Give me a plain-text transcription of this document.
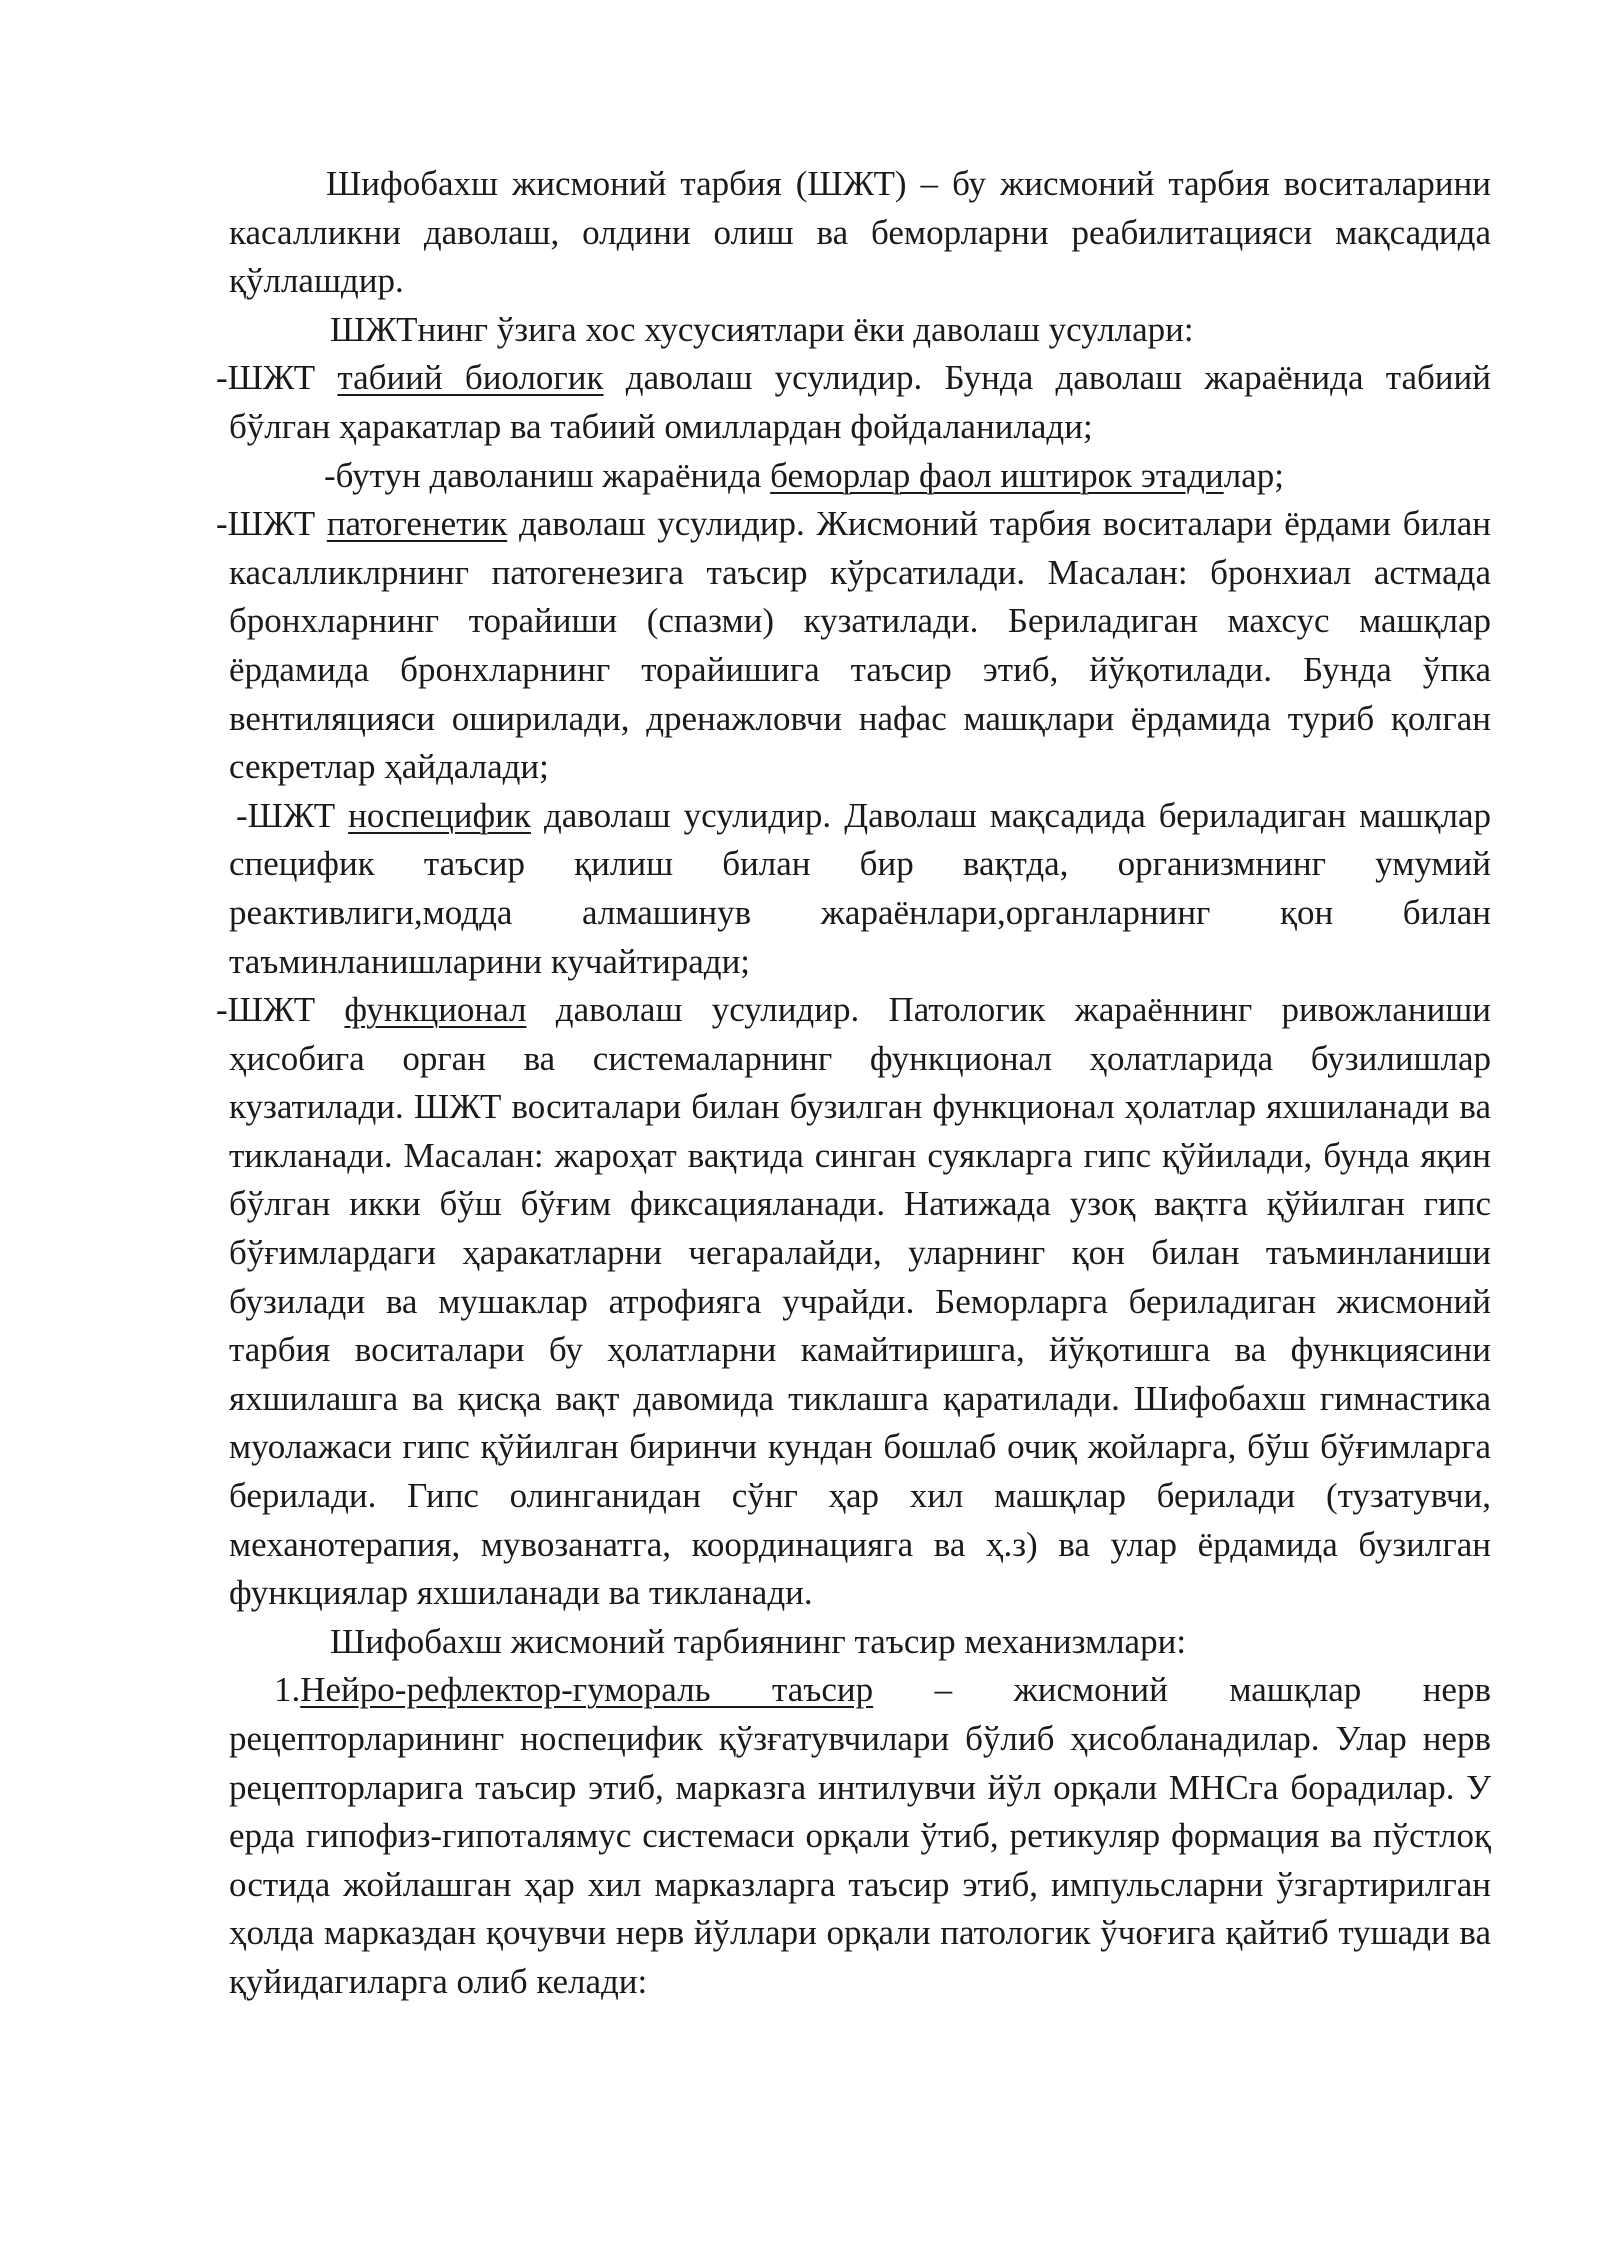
Шифобахш жисмоний тарбия (ШЖТ) – бу жисмоний тарбия воситаларини касалликни даволаш, олдини олиш ва беморларни реабилитацияси мақсадида қўллашдир.

ШЖТнинг ўзига хос хусусиятлари ёки даволаш усуллари:

-ШЖТ табиий биологик даволаш усулидир. Бунда даволаш жараёнида табиий бўлган ҳаракатлар ва табиий омиллардан фойдаланилади;

-бутун даволаниш жараёнида беморлар фаол иштирок этадилар;

-ШЖТ патогенетик даволаш усулидир. Жисмоний тарбия воситалари ёрдами билан касалликлрнинг патогенезига таъсир кўрсатилади. Масалан: бронхиал астмада бронхларнинг торайиши (спазми) кузатилади. Бериладиган махсус машқлар ёрдамида бронхларнинг торайишига таъсир этиб, йўқотилади. Бунда ўпка вентиляцияси оширилади, дренажловчи нафас машқлари ёрдамида туриб қолган секретлар ҳайдалади;

-ШЖТ носпецифик даволаш усулидир. Даволаш мақсадида бериладиган машқлар специфик таъсир қилиш билан бир вақтда, организмнинг умумий реактивлиги,модда алмашинув жараёнлари,органларнинг қон билан таъминланишларини кучайтиради;

-ШЖТ функционал даволаш усулидир. Патологик жараённинг ривожланиши ҳисобига орган ва системаларнинг функционал ҳолатларида бузилишлар кузатилади. ШЖТ воситалари билан бузилган функционал ҳолатлар яхшиланади ва тикланади. Масалан: жароҳат вақтида синган суякларга гипс қўйилади, бунда яқин бўлган икки бўш бўғим фиксацияланади. Натижада узоқ вақтга қўйилган гипс бўғимлардаги ҳаракатларни чегаралайди, уларнинг қон билан таъминланиши бузилади ва мушаклар атрофияга учрайди. Беморларга бериладиган жисмоний тарбия воситалари бу ҳолатларни камайтиришга, йўқотишга ва функциясини яхшилашга ва қисқа вақт давомида тиклашга қаратилади. Шифобахш гимнастика муолажаси гипс қўйилган биринчи кундан бошлаб очиқ жойларга, бўш бўғимларга берилади. Гипс олинганидан сўнг ҳар хил машқлар берилади (тузатувчи, механотерапия, мувозанатга, координацияга ва ҳ.з) ва улар ёрдамида бузилган функциялар яхшиланади ва тикланади.

Шифобахш жисмоний тарбиянинг таъсир механизмлари:

1.Нейро-рефлектор-гумораль таъсир – жисмоний машқлар нерв рецепторларининг носпецифик қўзғатувчилари бўлиб ҳисобланадилар. Улар нерв рецепторларига таъсир этиб, марказга интилувчи йўл орқали МНСга борадилар. У ерда гипофиз-гипоталямус системаси орқали ўтиб, ретикуляр формация ва пўстлоқ остида жойлашган ҳар хил марказларга таъсир этиб, импульсларни ўзгартирилган ҳолда марказдан қочувчи нерв йўллари орқали патологик ўчоғига қайтиб тушади ва қуйидагиларга олиб келади:
